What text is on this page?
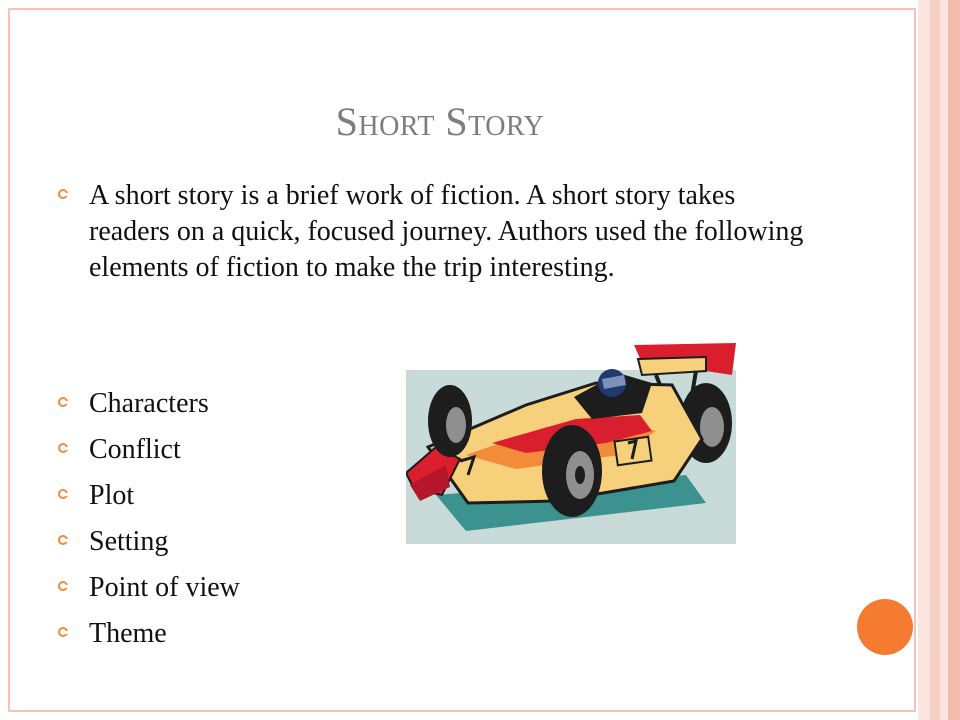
Short Story
A short story is a brief work of fiction. A short story takes readers on a quick, focused journey. Authors used the following elements of fiction to make the trip interesting.
Characters
Conflict
Plot
Setting
Point of view
Theme
